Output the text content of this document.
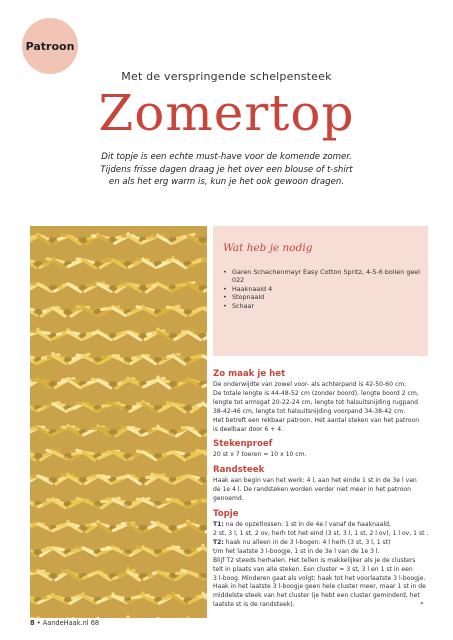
Patroon
Met de verspringende schelpensteek
Zomertop
Dit topje is een echte must-have voor de komende zomer.
Tijdens frisse dagen draag je het over een blouse of t-shirt
en als het erg warm is, kun je het ook gewoon dragen.
Wat heb je nodig
• Garen Schachenmayr Easy Cotton Spritz, 4-5-6 bollen geel 022
• Haaknaald 4
• Stopnaald
• Schaar
Zo maak je het
De onderwijdte van zowel voor- als achterpand is 42-50-60 cm.
De totale lengte is 44-48-52 cm (zonder boord), lengte boord 2 cm,
lengte tot armsgat 20-22-24 cm, lengte tot halsuitsnijding rugpand
38-42-46 cm, lengte tot halsuitsnijding voorpand 34-38-42 cm.
Het betreft een rekbaar patroon. Het aantal steken van het patroon
is deelbaar door 6 + 4.
Stekenproef
20 st x 7 toeren = 10 x 10 cm.
Randsteek
Haak aan begin van het werk: 4 l, aan het einde 1 st in de 3e l van
de 1e 4 l. De randsteken worden verder niet meer in het patroon
genoemd.
Topje
T1: na de opzetlossen: 1 st in de 4e l vanaf de haaknaald,
2 st, 3 l, 1 st, 2 ov, herh tot het eind (3 st, 3 l, 1 st, 2 l ov), 1 l ov, 1 st .
T2: haak nu alleen in de 3 l-bogen: 4 l herh (3 st, 3 l, 1 st)
t/m het laatste 3 l-boogje, 1 st in de 3e l van de 1e 3 l.
Blijf T2 steeds herhalen. Het tellen is makkelijker als je de clusters
telt in plaats van alle steken. Een cluster = 3 st, 3 l en 1 st in een
3 l-boog. Minderen gaat als volgt: haak tot het voorlaatste 3 l-boogje.
Haak in het laatste 3 l-boogje geen hele cluster meer, maar 1 st in de
middelste steek van het cluster (je hebt een cluster geminderd, het
laatste st is de randsteek).	»
8 • AandeHaak.nl 68
